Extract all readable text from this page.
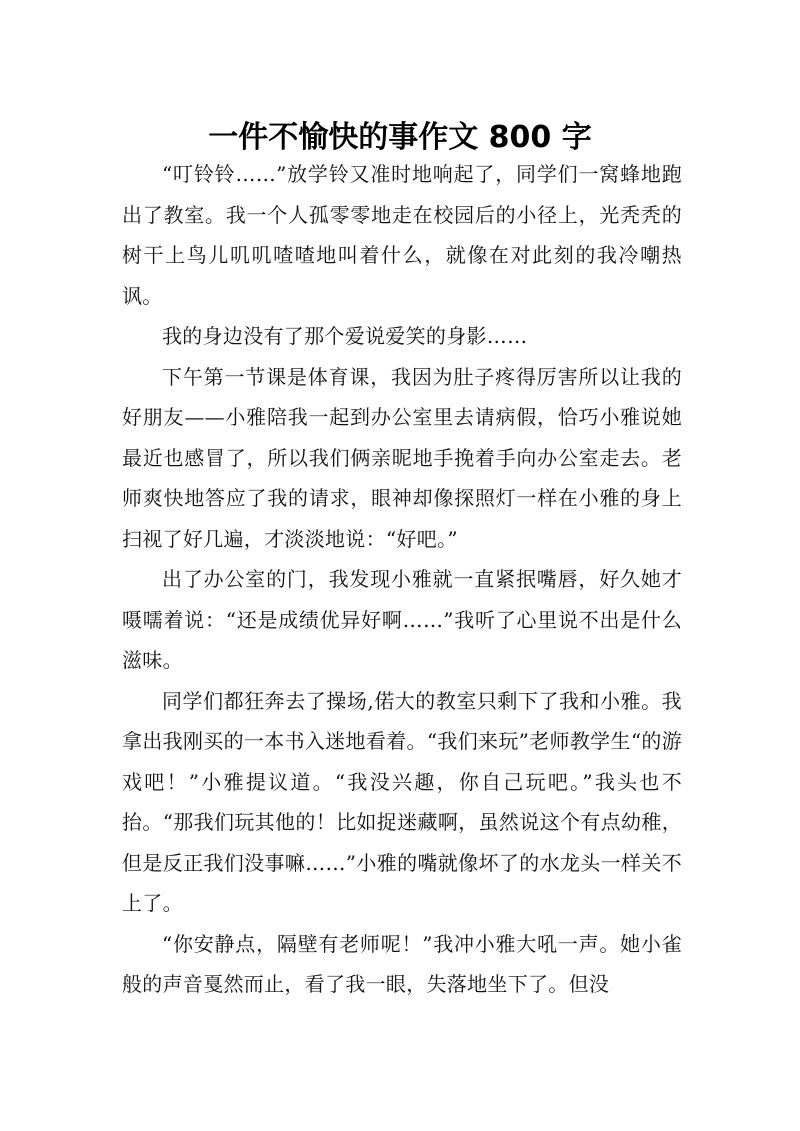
一件不愉快的事作文 800 字

“叮铃铃……”放学铃又准时地响起了，同学们一窝蜂地跑出了教室。我一个人孤零零地走在校园后的小径上，光秃秃的树干上鸟儿叽叽喳喳地叫着什么，就像在对此刻的我冷嘲热讽。

我的身边没有了那个爱说爱笑的身影……

下午第一节课是体育课，我因为肚子疼得厉害所以让我的好朋友——小雅陪我一起到办公室里去请病假，恰巧小雅说她最近也感冒了，所以我们俩亲昵地手挽着手向办公室走去。老师爽快地答应了我的请求，眼神却像探照灯一样在小雅的身上扫视了好几遍，才淡淡地说：“好吧。”

出了办公室的门，我发现小雅就一直紧抿嘴唇，好久她才嗫嚅着说：“还是成绩优异好啊……”我听了心里说不出是什么滋味。

同学们都狂奔去了操场,偌大的教室只剩下了我和小雅。我拿出我刚买的一本书入迷地看着。“我们来玩”老师教学生“的游戏吧！”小雅提议道。“我没兴趣，你自己玩吧。”我头也不抬。“那我们玩其他的！比如捉迷藏啊，虽然说这个有点幼稚，但是反正我们没事嘛……”小雅的嘴就像坏了的水龙头一样关不上了。

“你安静点，隔壁有老师呢！”我冲小雅大吼一声。她小雀般的声音戛然而止，看了我一眼，失落地坐下了。但没
